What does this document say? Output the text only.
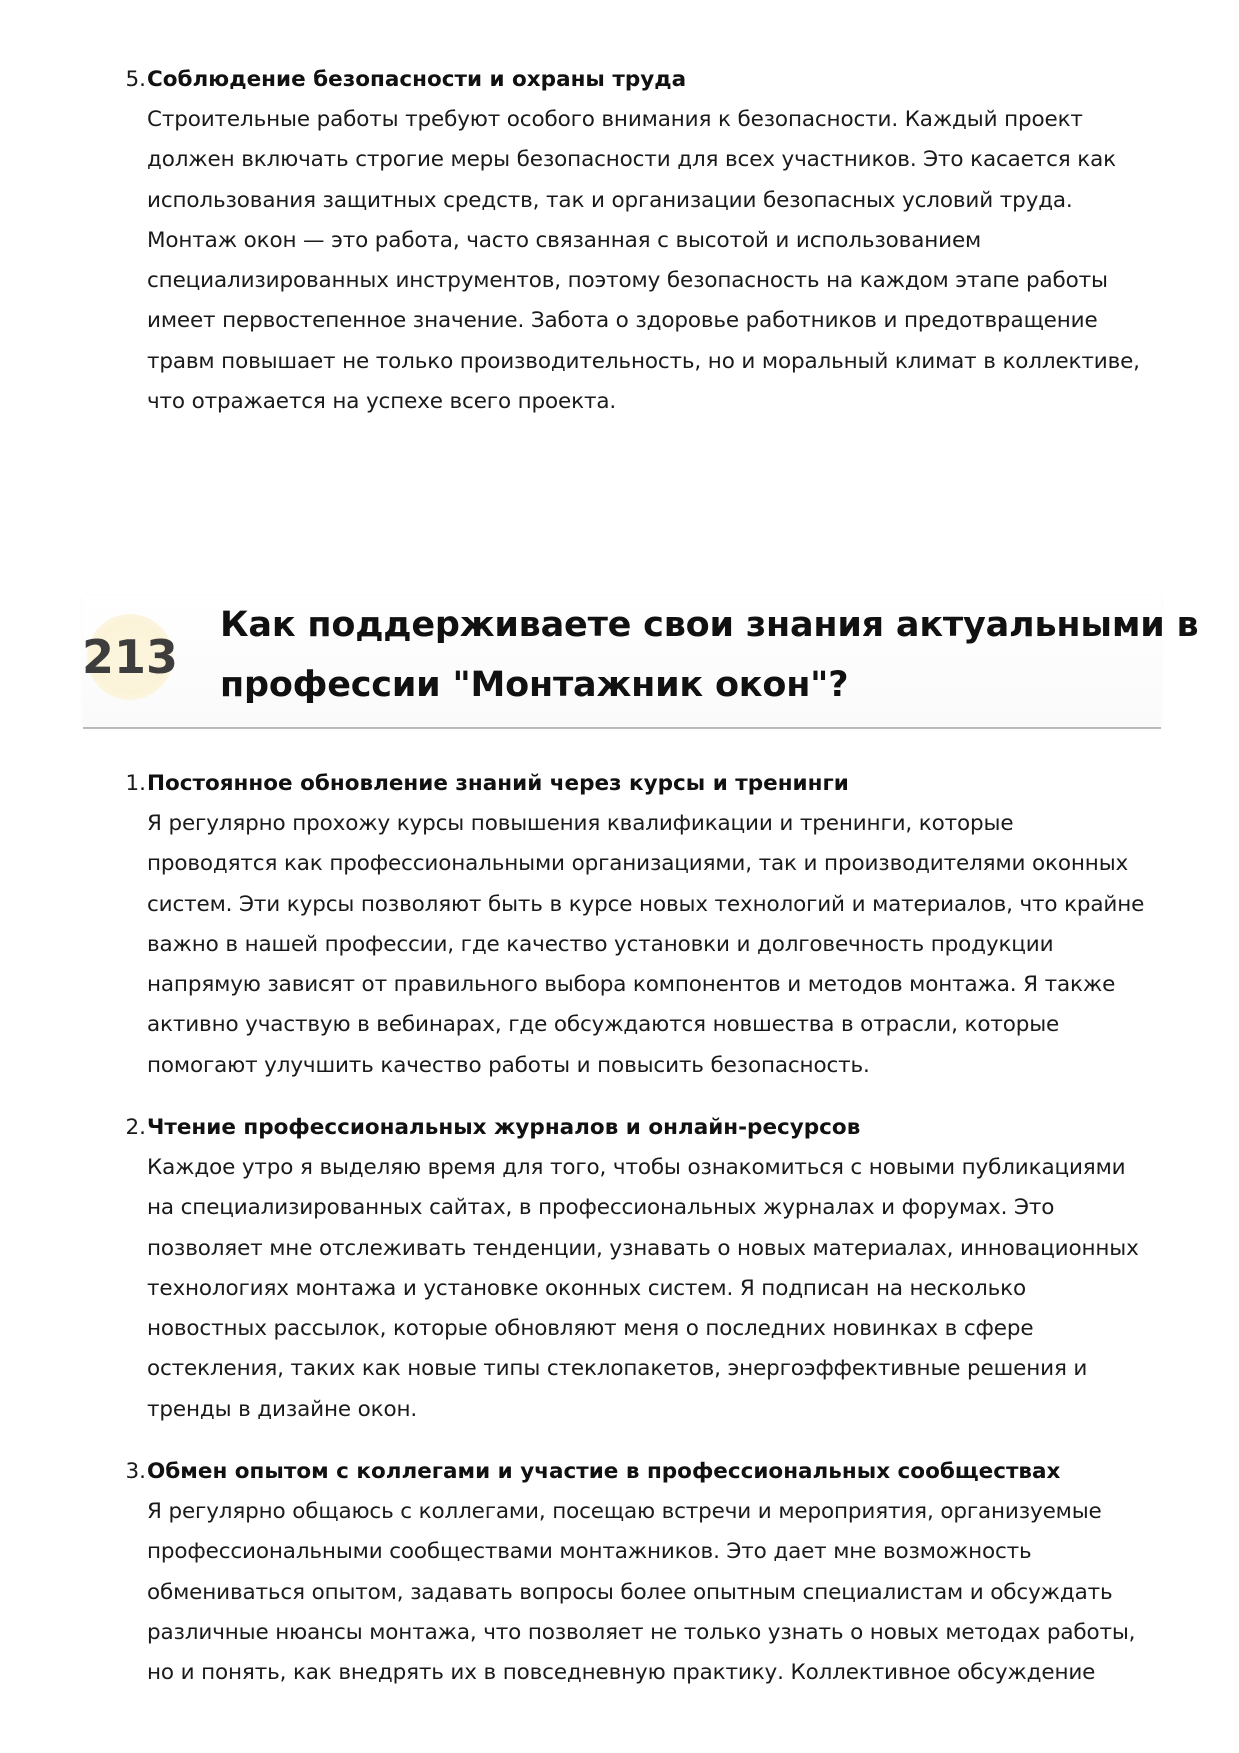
5. Соблюдение безопасности и охраны труда
Строительные работы требуют особого внимания к безопасности. Каждый проект
должен включать строгие меры безопасности для всех участников. Это касается как
использования защитных средств, так и организации безопасных условий труда.
Монтаж окон — это работа, часто связанная с высотой и использованием
специализированных инструментов, поэтому безопасность на каждом этапе работы
имеет первостепенное значение. Забота о здоровье работников и предотвращение
травм повышает не только производительность, но и моральный климат в коллективе,
что отражается на успехе всего проекта.
213
Как поддерживаете свои знания актуальными в
профессии "Монтажник окон"?
1. Постоянное обновление знаний через курсы и тренинги
Я регулярно прохожу курсы повышения квалификации и тренинги, которые
проводятся как профессиональными организациями, так и производителями оконных
систем. Эти курсы позволяют быть в курсе новых технологий и материалов, что крайне
важно в нашей профессии, где качество установки и долговечность продукции
напрямую зависят от правильного выбора компонентов и методов монтажа. Я также
активно участвую в вебинарах, где обсуждаются новшества в отрасли, которые
помогают улучшить качество работы и повысить безопасность.
2. Чтение профессиональных журналов и онлайн-ресурсов
Каждое утро я выделяю время для того, чтобы ознакомиться с новыми публикациями
на специализированных сайтах, в профессиональных журналах и форумах. Это
позволяет мне отслеживать тенденции, узнавать о новых материалах, инновационных
технологиях монтажа и установке оконных систем. Я подписан на несколько
новостных рассылок, которые обновляют меня о последних новинках в сфере
остекления, таких как новые типы стеклопакетов, энергоэффективные решения и
тренды в дизайне окон.
3. Обмен опытом с коллегами и участие в профессиональных сообществах
Я регулярно общаюсь с коллегами, посещаю встречи и мероприятия, организуемые
профессиональными сообществами монтажников. Это дает мне возможность
обмениваться опытом, задавать вопросы более опытным специалистам и обсуждать
различные нюансы монтажа, что позволяет не только узнать о новых методах работы,
но и понять, как внедрять их в повседневную практику. Коллективное обсуждение
